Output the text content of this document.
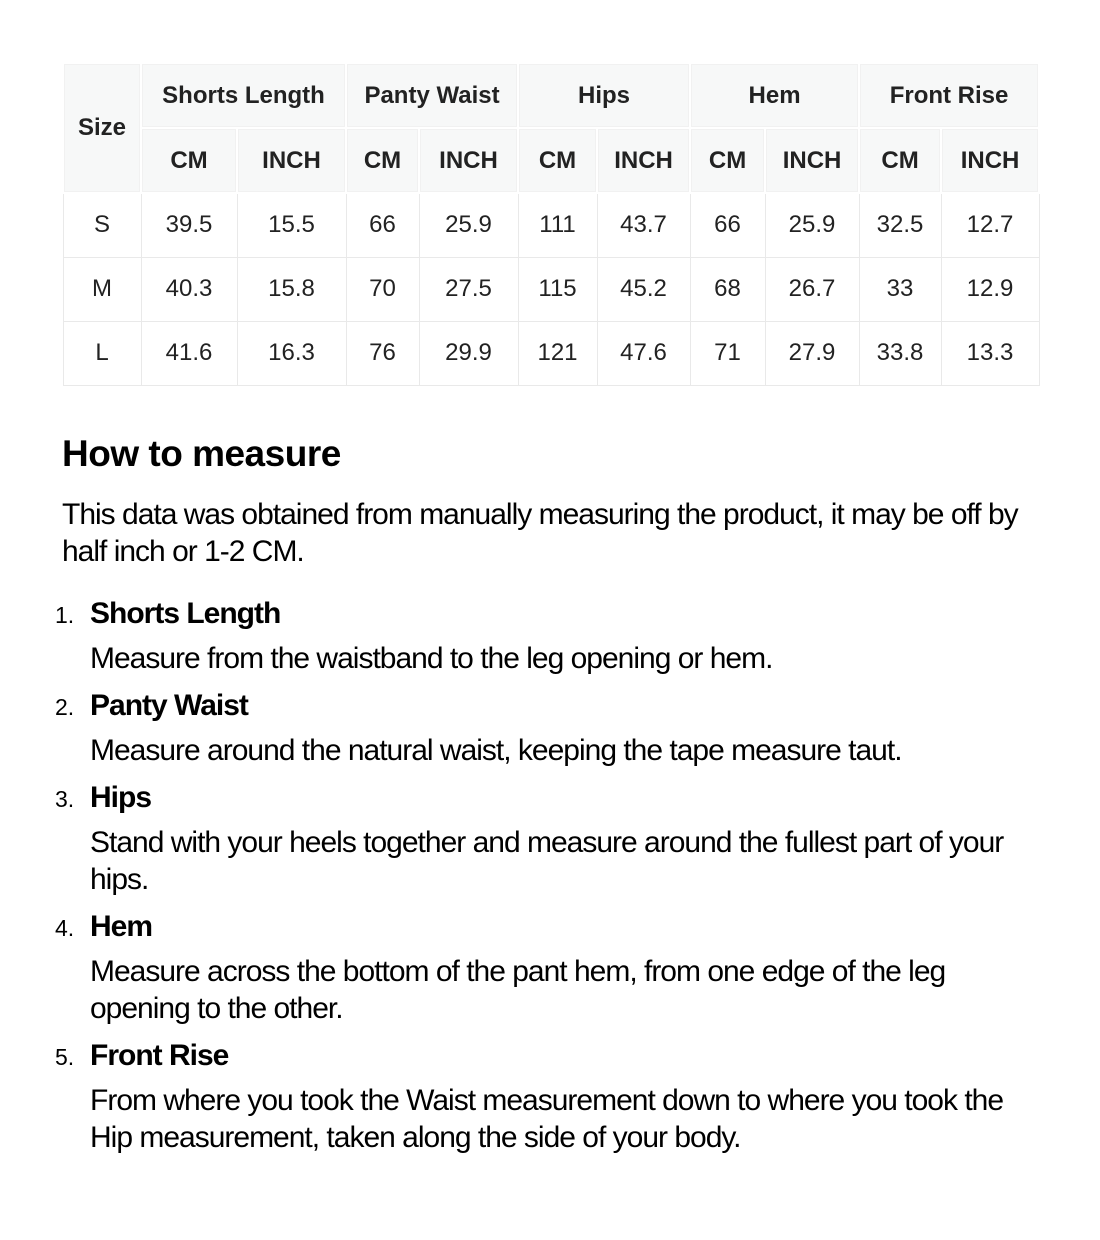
Size	Shorts Length		Panty Waist		Hips		Hem		Front Rise	
	CM	INCH	CM	INCH	CM	INCH	CM	INCH	CM	INCH
S	39.5	15.5	66	25.9	111	43.7	66	25.9	32.5	12.7
M	40.3	15.8	70	27.5	115	45.2	68	26.7	33	12.9
L	41.6	16.3	76	29.9	121	47.6	71	27.9	33.8	13.3
How to measure

This data was obtained from manually measuring the product, it may be off by half inch or 1-2 CM.

1. Shorts Length

Measure from the waistband to the leg opening or hem.

2. Panty Waist

Measure around the natural waist, keeping the tape measure taut.

3. Hips

Stand with your heels together and measure around the fullest part of your hips.

4. Hem

Measure across the bottom of the pant hem, from one edge of the leg opening to the other.

5. Front Rise

From where you took the Waist measurement down to where you took the Hip measurement, taken along the side of your body.
